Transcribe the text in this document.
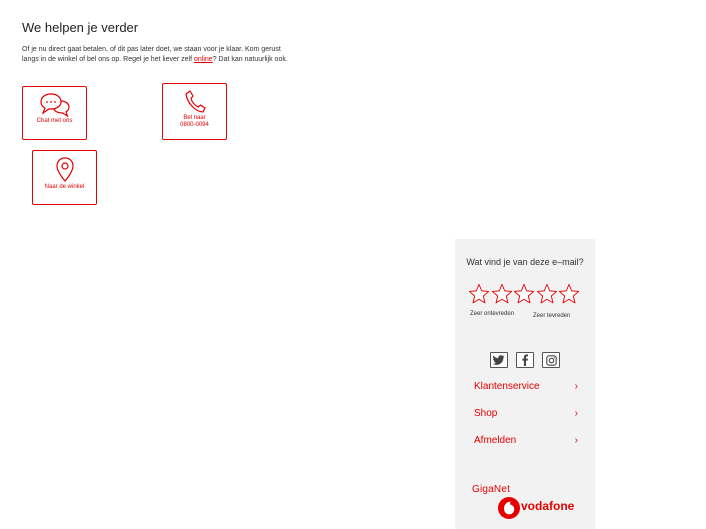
We helpen je verder
Of je nu direct gaat betalen, of dit pas later doet, we staan voor je klaar. Kom gerust langs in de winkel of bel ons op. Regel je het liever zelf online? Dat kan natuurlijk ook.
Chat met ons	Bel naar
0800-0094
Naar de winkel
Wat vind je van deze e–mail?
Zeer ontevreden	Zeer tevreden
Klantenservice	›
Shop	›
Afmelden	›
GigaNet
vodafone
